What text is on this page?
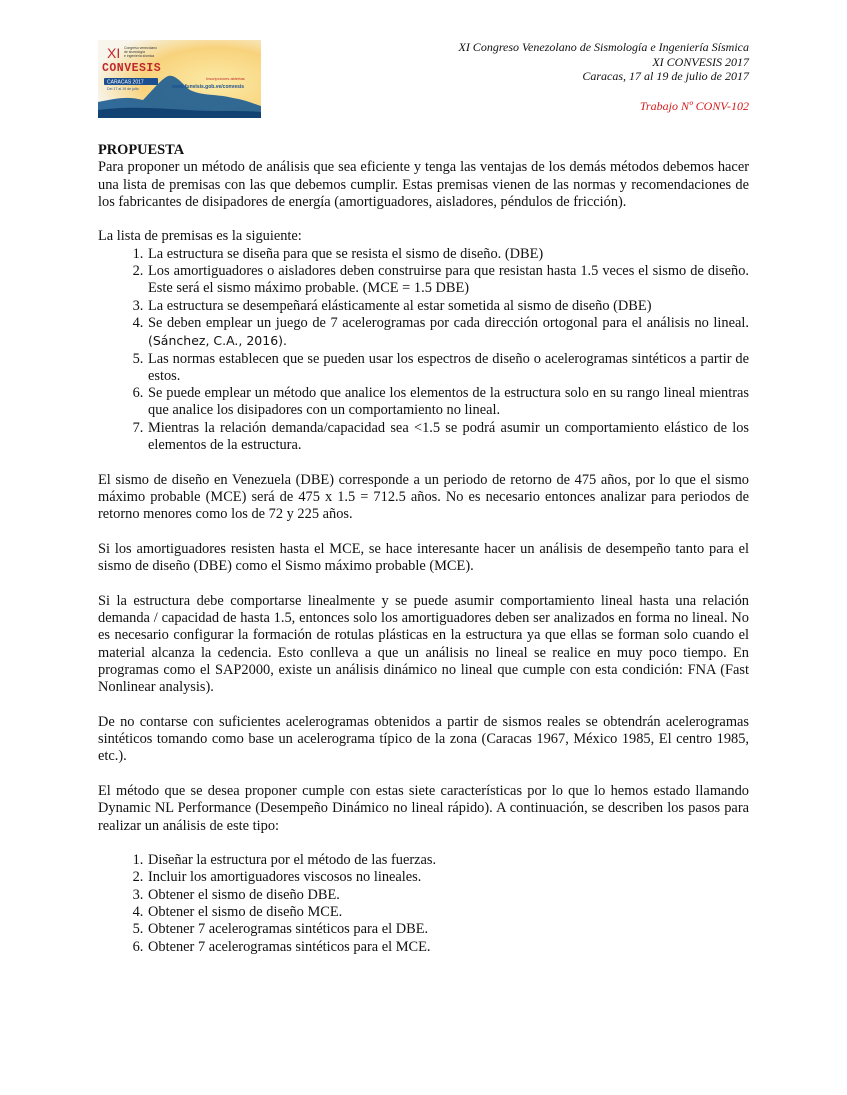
XI
CONVESIS
Congreso venezolano
de sismología
e ingeniería sísmica
CARACAS 2017
Del 17 al 19 de julio
Inscripciones abiertas
www.funvisis.gob.ve/convesis
XI Congreso Venezolano de Sismología e Ingeniería Sísmica
XI CONVESIS 2017
Caracas, 17 al 19 de julio de 2017
Trabajo Nº CONV-102

PROPUESTA

Para proponer un método de análisis que sea eficiente y tenga las ventajas de los demás métodos debemos hacer una lista de premisas con las que debemos cumplir. Estas premisas vienen de las normas y recomendaciones de los fabricantes de disipadores de energía (amortiguadores, aisladores, péndulos de fricción).

La lista de premisas es la siguiente:

1. La estructura se diseña para que se resista el sismo de diseño. (DBE)
2. Los amortiguadores o aisladores deben construirse para que resistan hasta 1.5 veces el sismo de diseño. Este será el sismo máximo probable. (MCE = 1.5 DBE)
3. La estructura se desempeñará elásticamente al estar sometida al sismo de diseño (DBE)
4. Se deben emplear un juego de 7 acelerogramas por cada dirección ortogonal para el análisis no lineal. (Sánchez, C.A., 2016).
5. Las normas establecen que se pueden usar los espectros de diseño o acelerogramas sintéticos a partir de estos.
6. Se puede emplear un método que analice los elementos de la estructura solo en su rango lineal mientras que analice los disipadores con un comportamiento no lineal.
7. Mientras la relación demanda/capacidad sea <1.5 se podrá asumir un comportamiento elástico de los elementos de la estructura.

El sismo de diseño en Venezuela (DBE) corresponde a un periodo de retorno de 475 años, por lo que el sismo máximo probable (MCE) será de 475 x 1.5 = 712.5 años. No es necesario entonces analizar para periodos de retorno menores como los de 72 y 225 años.

Si los amortiguadores resisten hasta el MCE, se hace interesante hacer un análisis de desempeño tanto para el sismo de diseño (DBE) como el Sismo máximo probable (MCE).

Si la estructura debe comportarse linealmente y se puede asumir comportamiento lineal hasta una relación demanda / capacidad de hasta 1.5, entonces solo los amortiguadores deben ser analizados en forma no lineal. No es necesario configurar la formación de rotulas plásticas en la estructura ya que ellas se forman solo cuando el material alcanza la cedencia. Esto conlleva a que un análisis no lineal se realice en muy poco tiempo. En programas como el SAP2000, existe un análisis dinámico no lineal que cumple con esta condición: FNA (Fast Nonlinear analysis).

De no contarse con suficientes acelerogramas obtenidos a partir de sismos reales se obtendrán acelerogramas sintéticos tomando como base un acelerograma típico de la zona (Caracas 1967, México 1985, El centro 1985, etc.).

El método que se desea proponer cumple con estas siete características por lo que lo hemos estado llamando Dynamic NL Performance (Desempeño Dinámico no lineal rápido). A continuación, se describen los pasos para realizar un análisis de este tipo:

1. Diseñar la estructura por el método de las fuerzas.
2. Incluir los amortiguadores viscosos no lineales.
3. Obtener el sismo de diseño DBE.
4. Obtener el sismo de diseño MCE.
5. Obtener 7 acelerogramas sintéticos para el DBE.
6. Obtener 7 acelerogramas sintéticos para el MCE.
